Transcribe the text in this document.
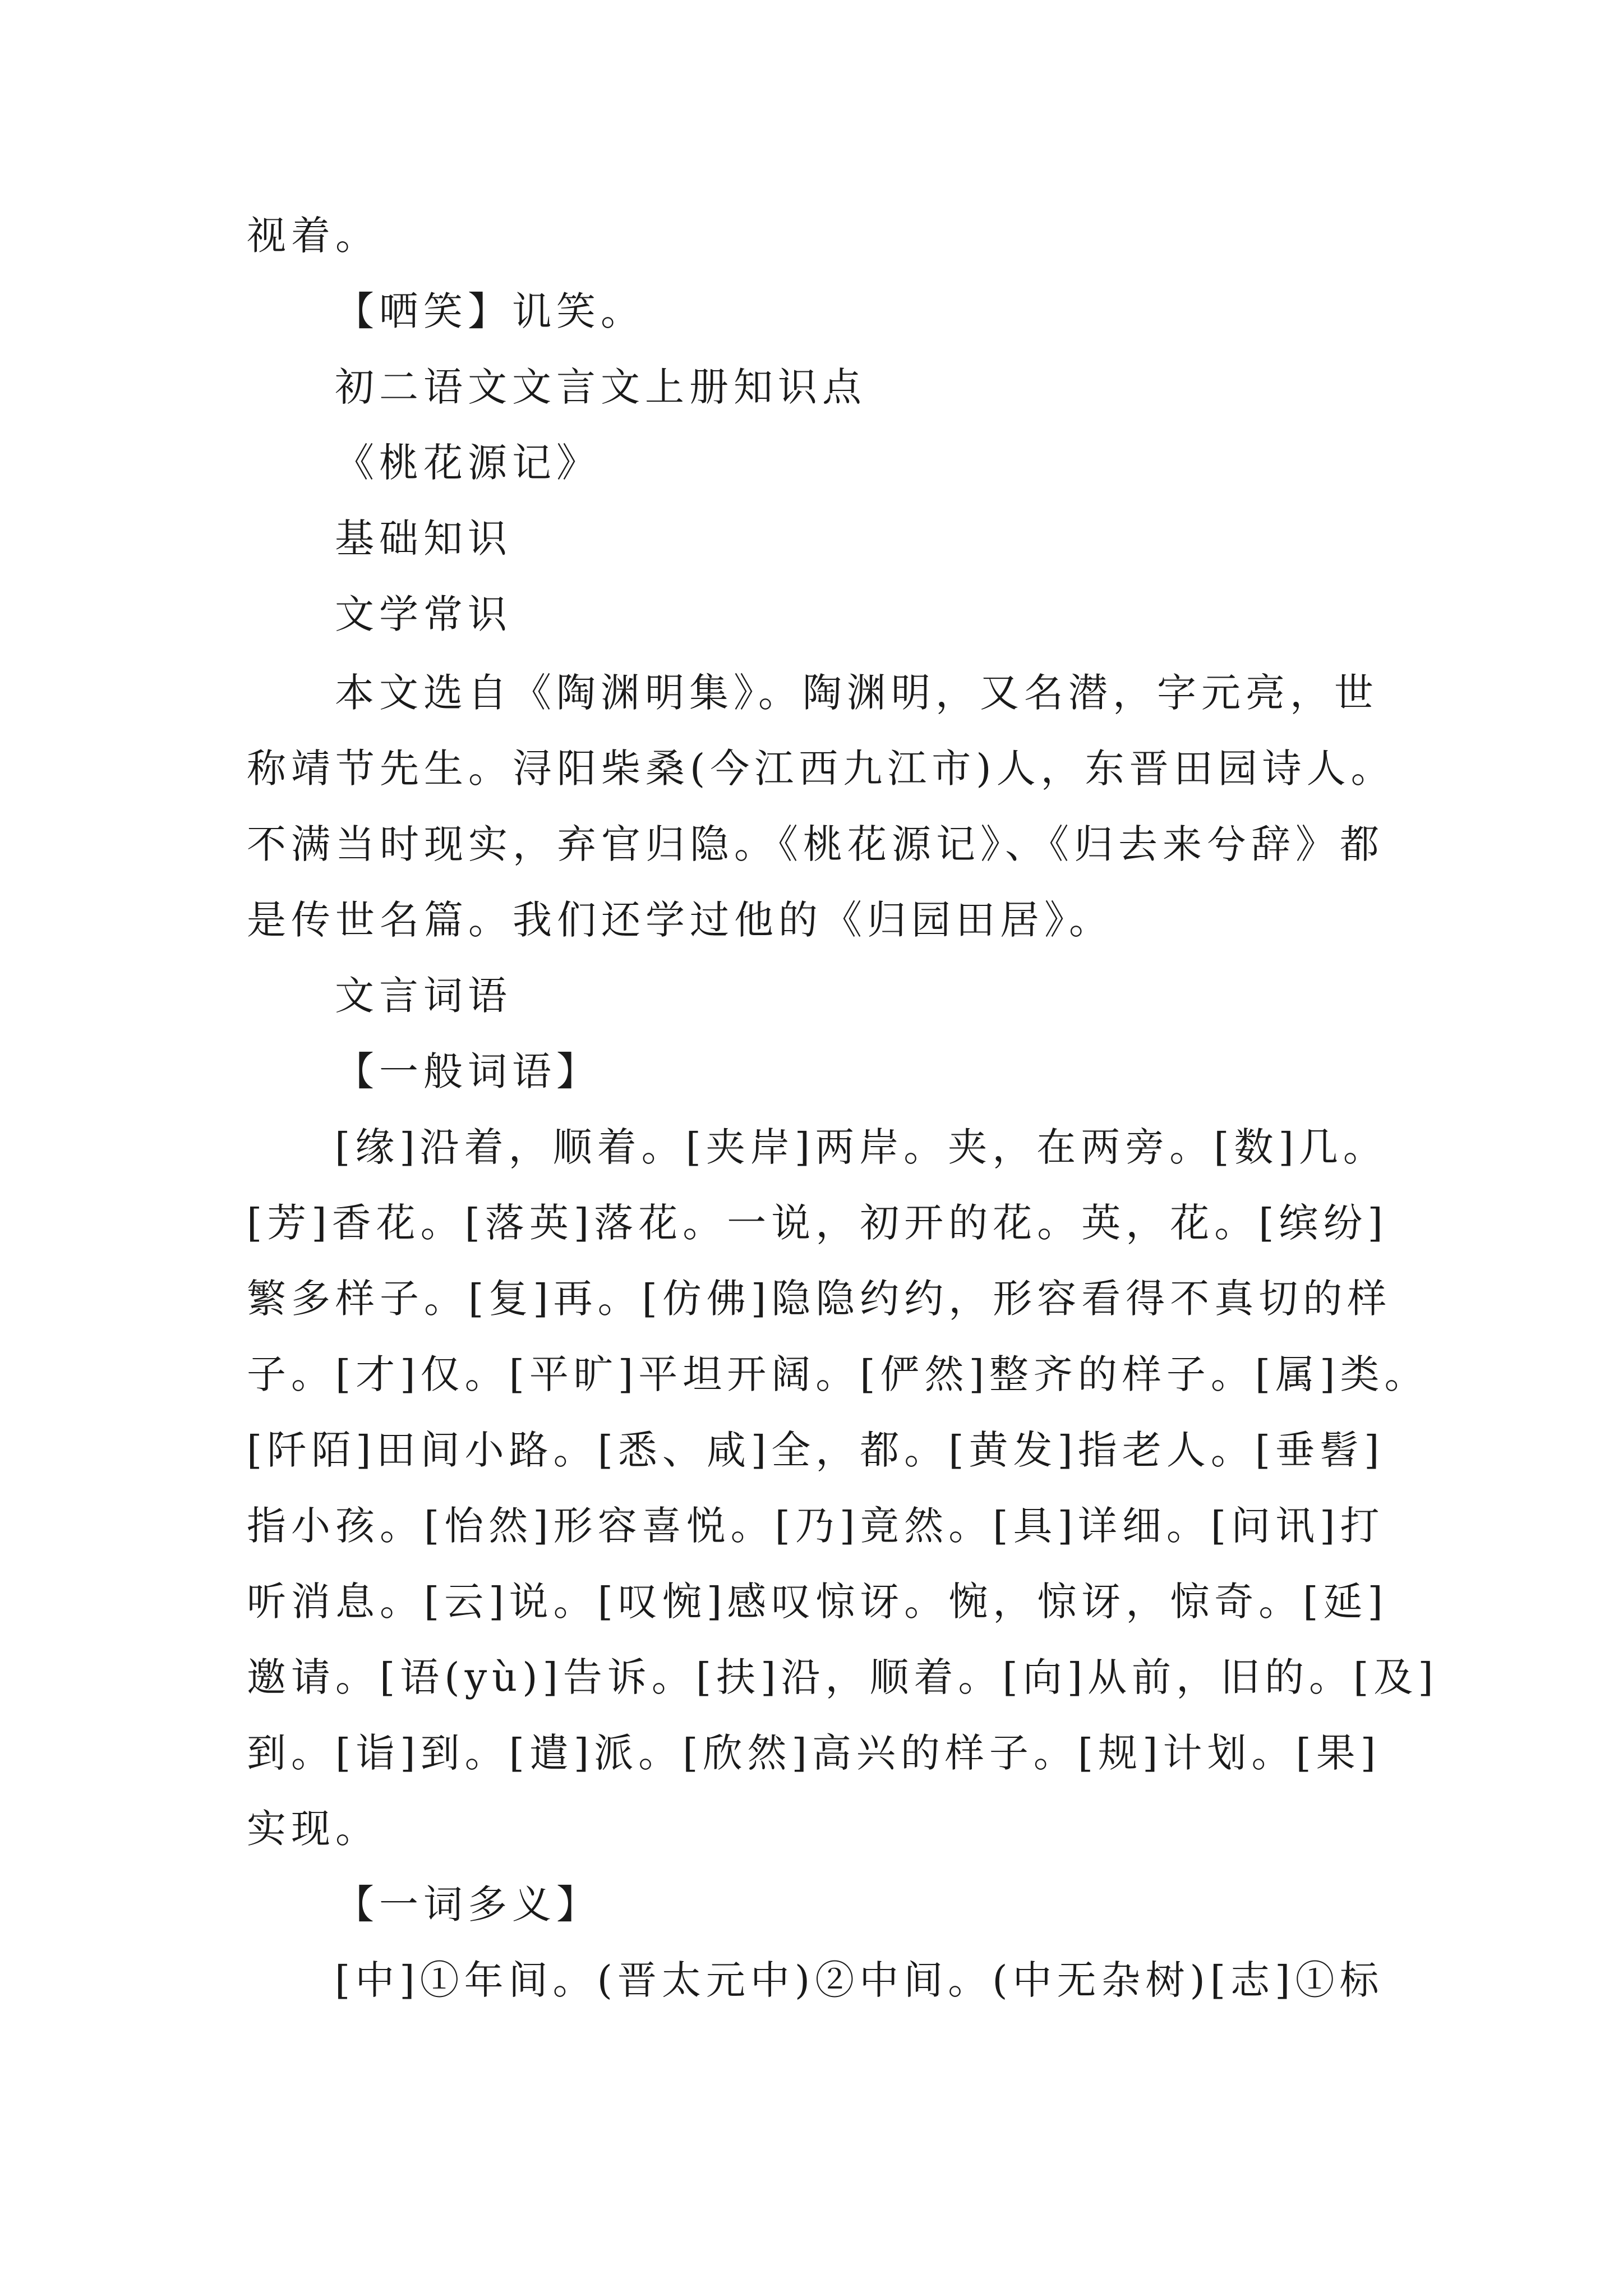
视着。
【哂笑】讥笑。
初二语文文言文上册知识点
《桃花源记》
基础知识
文学常识
本文选自《陶渊明集》。陶渊明，又名潜，字元亮，世
称靖节先生。浔阳柴桑(今江西九江市)人，东晋田园诗人。
不满当时现实，弃官归隐。《桃花源记》、《归去来兮辞》都
是传世名篇。我们还学过他的《归园田居》。
文言词语
【一般词语】
[缘]沿着，顺着。[夹岸]两岸。夹，在两旁。[数]几。
[芳]香花。[落英]落花。一说，初开的花。英，花。[缤纷]
繁多样子。[复]再。[仿佛]隐隐约约，形容看得不真切的样
子。[才]仅。[平旷]平坦开阔。[俨然]整齐的样子。[属]类。
[阡陌]田间小路。[悉、咸]全，都。[黄发]指老人。[垂髫]
指小孩。[怡然]形容喜悦。[乃]竟然。[具]详细。[问讯]打
听消息。[云]说。[叹惋]感叹惊讶。惋，惊讶，惊奇。[延]
邀请。[语(yù)]告诉。[扶]沿，顺着。[向]从前，旧的。[及]
到。[诣]到。[遣]派。[欣然]高兴的样子。[规]计划。[果]
实现。
【一词多义】
[中]①年间。(晋太元中)②中间。(中无杂树)[志]①标
